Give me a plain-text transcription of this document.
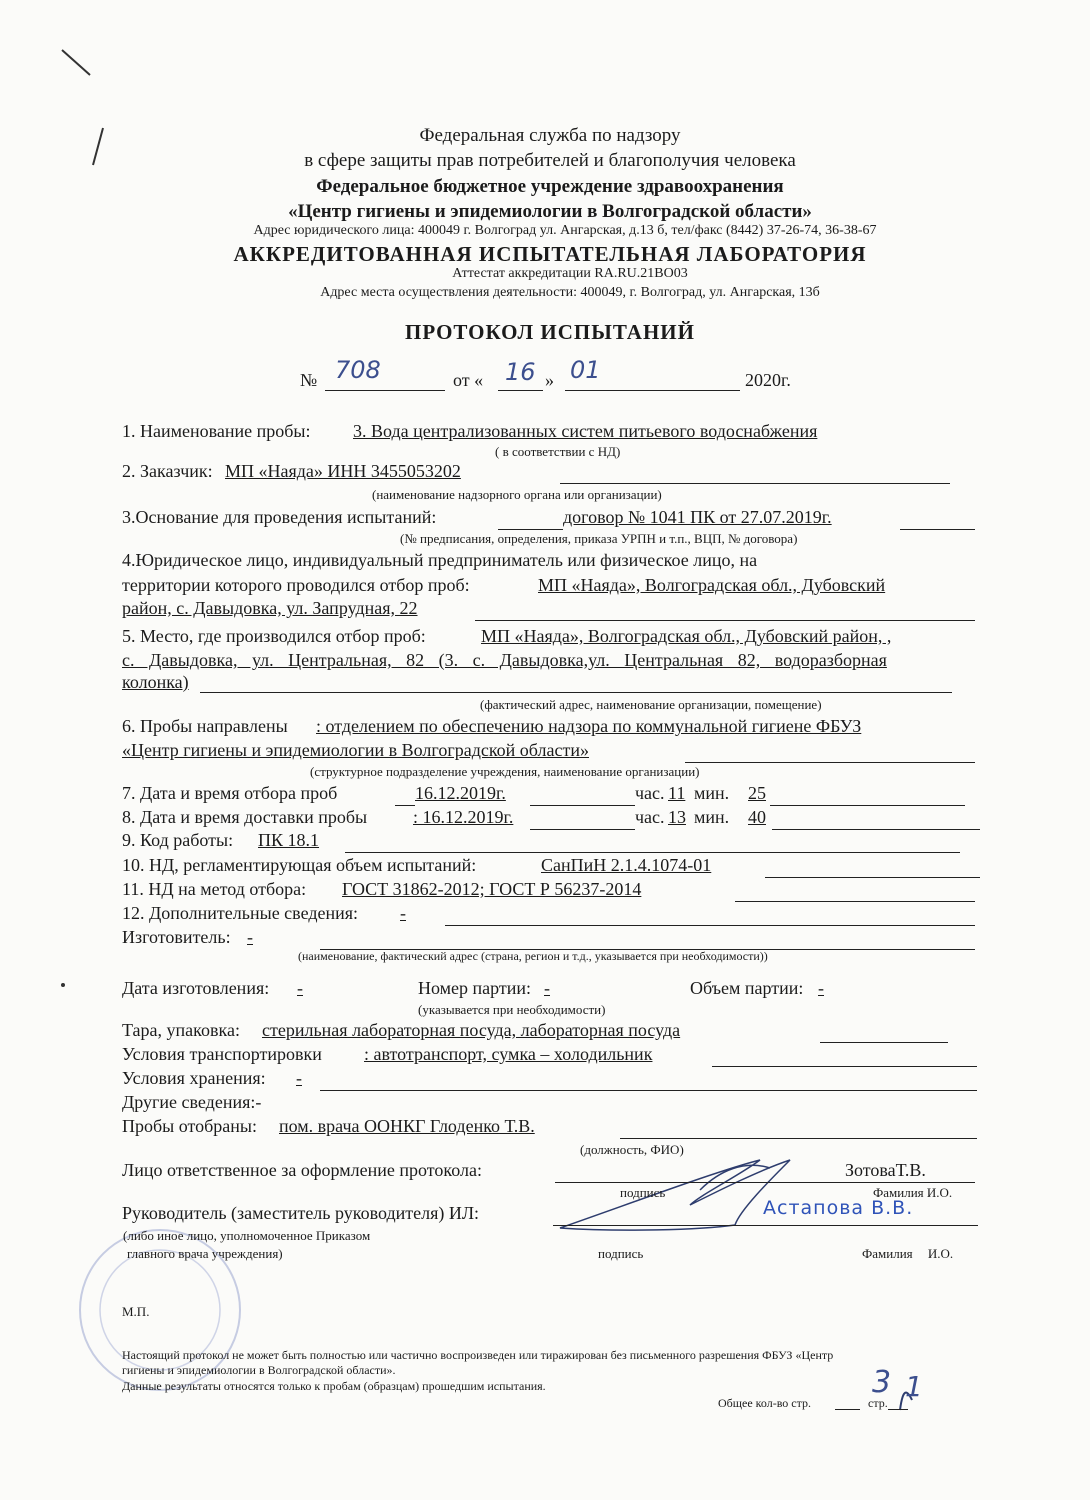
Федеральная служба по надзору
в сфере защиты прав потребителей и благополучия человека
Федеральное бюджетное учреждение здравоохранения
«Центр гигиены и эпидемиологии в Волгоградской области»
Адрес юридического лица: 400049 г. Волгоград ул. Ангарская, д.13 б, тел/факс (8442) 37-26-74, 36-38-67
АККРЕДИТОВАННАЯ ИСПЫТАТЕЛЬНАЯ ЛАБОРАТОРИЯ
Аттестат аккредитации RA.RU.21ВО03
Адрес места осуществления деятельности: 400049, г. Волгоград, ул. Ангарская, 13б
ПРОТОКОЛ ИСПЫТАНИЙ
№ 708	от « 16 » 01	2020г.
1. Наименование пробы: 3. Вода централизованных систем питьевого водоснабжения
( в соответствии с НД)
2. Заказчик: МП «Наяда» ИНН 3455053202
(наименование надзорного органа или организации)
3.Основание для проведения испытаний:	договор № 1041 ПК от 27.07.2019г.
(№ предписания, определения, приказа УРПН и т.п., ВЦП, № договора)
4.Юридическое лицо, индивидуальный предприниматель или физическое лицо, на
территории которого проводился отбор проб:	МП «Наяда», Волгоградская обл., Дубовский
район, с. Давыдовка, ул. Запрудная, 22
5. Место, где производился отбор проб:	МП «Наяда», Волгоградская обл., Дубовский район, ,
с. Давыдовка, ул. Центральная, 82 (3. с. Давыдовка,ул. Центральная 82, водоразборная
колонка)
(фактический адрес, наименование организации, помещение)
6. Пробы направлены : отделением по обеспечению надзора по коммунальной гигиене ФБУЗ
«Центр гигиены и эпидемиологии в Волгоградской области»
(структурное подразделение учреждения, наименование организации)
7. Дата и время отбора проб	16.12.2019г.	час. 11 мин. 25
8. Дата и время доставки пробы	: 16.12.2019г.	час. 13 мин. 40
9. Код работы: ПК 18.1
10. НД, регламентирующая объем испытаний:	СанПиН 2.1.4.1074-01
11. НД на метод отбора: ГОСТ 31862-2012; ГОСТ Р 56237-2014
12. Дополнительные сведения: -
Изготовитель: -
(наименование, фактический адрес (страна, регион и т.д., указывается при необходимости))
Дата изготовления: -	Номер партии: -	Объем партии: -
(указывается при необходимости)
Тара, упаковка: стерильная лабораторная посуда, лабораторная посуда
Условия транспортировки : автотранспорт, сумка – холодильник
Условия хранения: -
Другие сведения:-
Пробы отобраны: пом. врача ООНКГ Глоденко Т.В.
(должность, ФИО)
Лицо ответственное за оформление протокола:	ЗотоваТ.В.
подпись	Фамилия И.О.
Руководитель (заместитель руководителя) ИЛ:	Астапова В.В.
(либо иное лицо, уполномоченное Приказом
главного врача учреждения)	подпись	Фамилия И.О.
М.П.
Настоящий протокол не может быть полностью или частично воспроизведен или тиражирован без письменного разрешения ФБУЗ «Центр
гигиены и эпидемиологии в Волгоградской области».
Данные результаты относятся только к пробам (образцам) прошедшим испытания.
Общее кол-во стр.
3
стр. 1
